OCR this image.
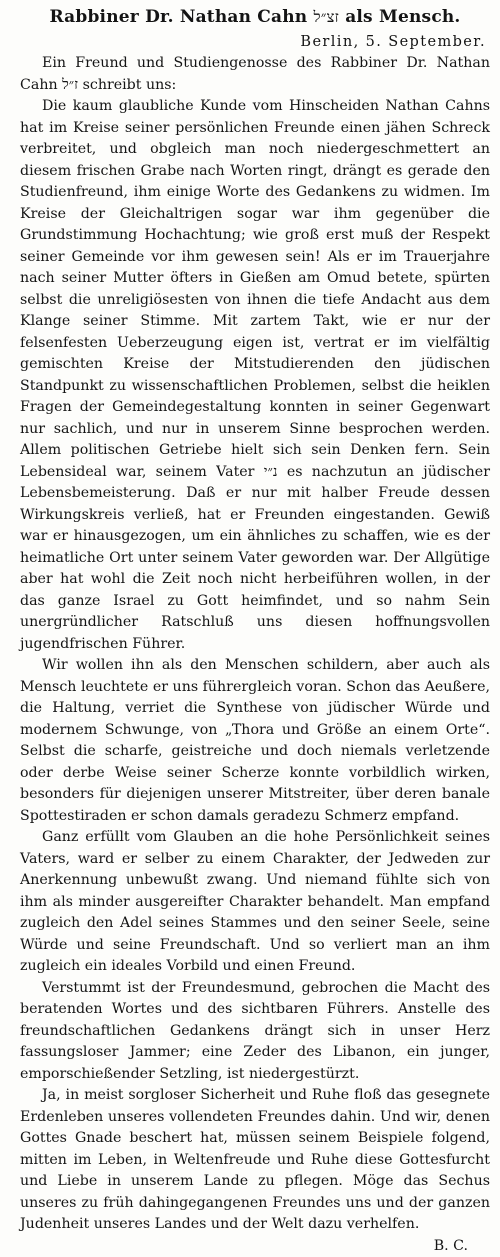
Rabbiner Dr. Nathan Cahn זצ״ל als Mensch.

Berlin, 5. September.

Ein Freund und Studiengenosse des Rabbiner Dr. Nathan Cahn ז״ל schreibt uns:

Die kaum glaubliche Kunde vom Hinscheiden Nathan Cahns hat im Kreise seiner persönlichen Freunde einen jähen Schreck verbreitet, und obgleich man noch niedergeschmettert an diesem frischen Grabe nach Worten ringt, drängt es gerade den Studienfreund, ihm einige Worte des Gedankens zu widmen. Im Kreise der Gleichaltrigen sogar war ihm gegenüber die Grundstimmung Hochachtung; wie groß erst muß der Respekt seiner Gemeinde vor ihm gewesen sein! Als er im Trauerjahre nach seiner Mutter öfters in Gießen am Omud betete, spürten selbst die unreligiösesten von ihnen die tiefe Andacht aus dem Klange seiner Stimme. Mit zartem Takt, wie er nur der felsenfesten Ueberzeugung eigen ist, vertrat er im vielfältig gemischten Kreise der Mitstudierenden den jüdischen Standpunkt zu wissenschaftlichen Problemen, selbst die heiklen Fragen der Gemeindegestaltung konnten in seiner Gegenwart nur sachlich, und nur in unserem Sinne besprochen werden. Allem politischen Getriebe hielt sich sein Denken fern. Sein Lebensideal war, seinem Vater נ״י es nachzutun an jüdischer Lebensbemeisterung. Daß er nur mit halber Freude dessen Wirkungskreis verließ, hat er Freunden eingestanden. Gewiß war er hinausgezogen, um ein ähnliches zu schaffen, wie es der heimatliche Ort unter seinem Vater geworden war. Der Allgütige aber hat wohl die Zeit noch nicht herbeiführen wollen, in der das ganze Israel zu Gott heimfindet, und so nahm Sein unergründlicher Ratschluß uns diesen hoffnungsvollen jugendfrischen Führer.

Wir wollen ihn als den Menschen schildern, aber auch als Mensch leuchtete er uns führergleich voran. Schon das Aeußere, die Haltung, verriet die Synthese von jüdischer Würde und modernem Schwunge, von „Thora und Größe an einem Orte“. Selbst die scharfe, geistreiche und doch niemals verletzende oder derbe Weise seiner Scherze konnte vorbildlich wirken, besonders für diejenigen unserer Mitstreiter, über deren banale Spottestiraden er schon damals geradezu Schmerz empfand.

Ganz erfüllt vom Glauben an die hohe Persönlichkeit seines Vaters, ward er selber zu einem Charakter, der Jedweden zur Anerkennung unbewußt zwang. Und niemand fühlte sich von ihm als minder ausgereifter Charakter behandelt. Man empfand zugleich den Adel seines Stammes und den seiner Seele, seine Würde und seine Freundschaft. Und so verliert man an ihm zugleich ein ideales Vorbild und einen Freund.

Verstummt ist der Freundesmund, gebrochen die Macht des beratenden Wortes und des sichtbaren Führers. Anstelle des freundschaftlichen Gedankens drängt sich in unser Herz fassungsloser Jammer; eine Zeder des Libanon, ein junger, emporschießender Setzling, ist niedergestürzt.

Ja, in meist sorgloser Sicherheit und Ruhe floß das gesegnete Erdenleben unseres vollendeten Freundes dahin. Und wir, denen Gottes Gnade beschert hat, müssen seinem Beispiele folgend, mitten im Leben, in Weltenfreude und Ruhe diese Gottesfurcht und Liebe in unserem Lande zu pflegen. Möge das Sechus unseres zu früh dahingegangenen Freundes uns und der ganzen Judenheit unseres Landes und der Welt dazu verhelfen.

B. C.
